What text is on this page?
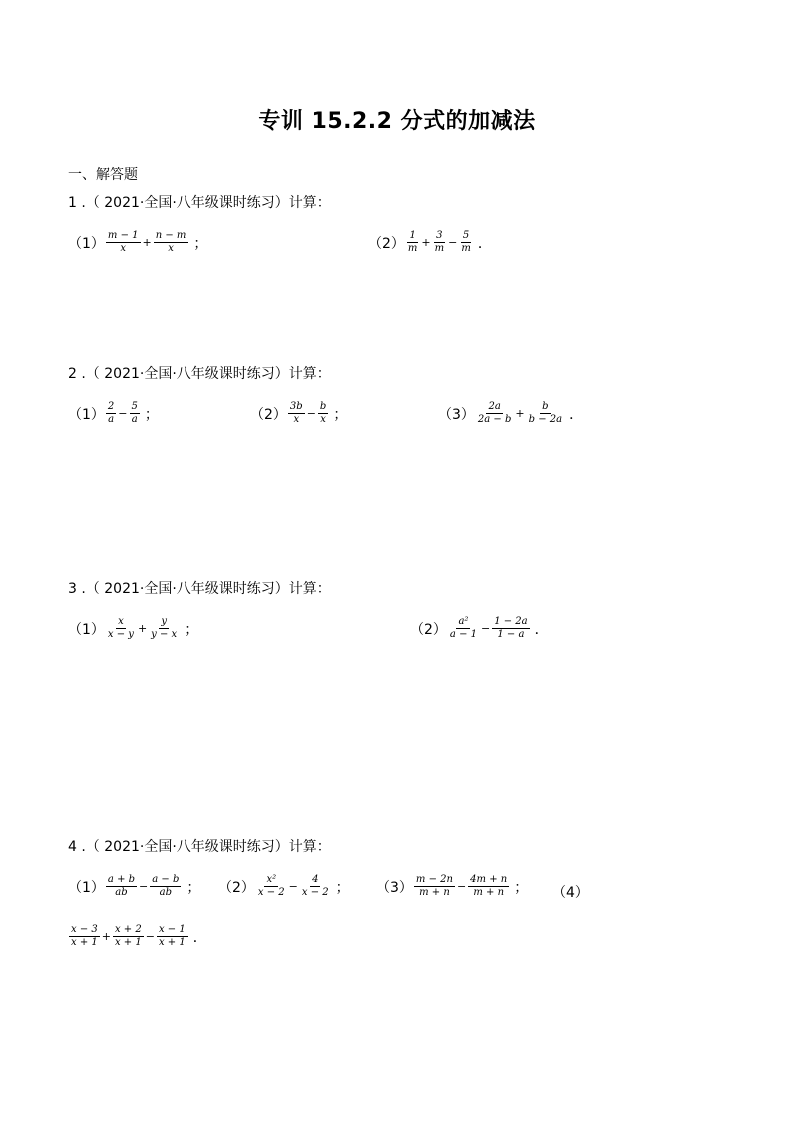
专训 15.2.2 分式的加减法
一、解答题
1 .（ 2021·全国·八年级课时练习）计算：
$(1) \frac{m - 1}{x} + \frac{n - m}{x}$ ；	$(2) \frac{1}{m} + \frac{3}{m} - \frac{5}{m}$ ．
2 .（ 2021·全国·八年级课时练习）计算：
$(1) \frac{2}{a} - \frac{5}{a}$ ；	$(2) \frac{3b}{x} - \frac{b}{x}$ ；	$(3) \frac{2a}{2a - b} + \frac{b}{b - 2a}$ ．
3 .（ 2021·全国·八年级课时练习）计算：
$(1) \frac{x}{x - y} + \frac{y}{y - x}$ ；	$(2) \frac{\text{a²}}{a - 1} - \frac{1 - 2a}{1 - a}$ ．
4 .（ 2021·全国·八年级课时练习）计算：
$(1) \frac{a + b}{ab} - \frac{a - b}{ab}$ ； $(2) \frac{\text{x²}}{x - 2} - \frac{4}{x - 2}$ ； $(3) \frac{m - 2n}{m + n} - \frac{4m + n}{m + n}$ ； （4）
$\frac{x - 3}{x + 1} + \frac{x + 2}{x + 1} - \frac{x - 1}{x + 1}$ ．
